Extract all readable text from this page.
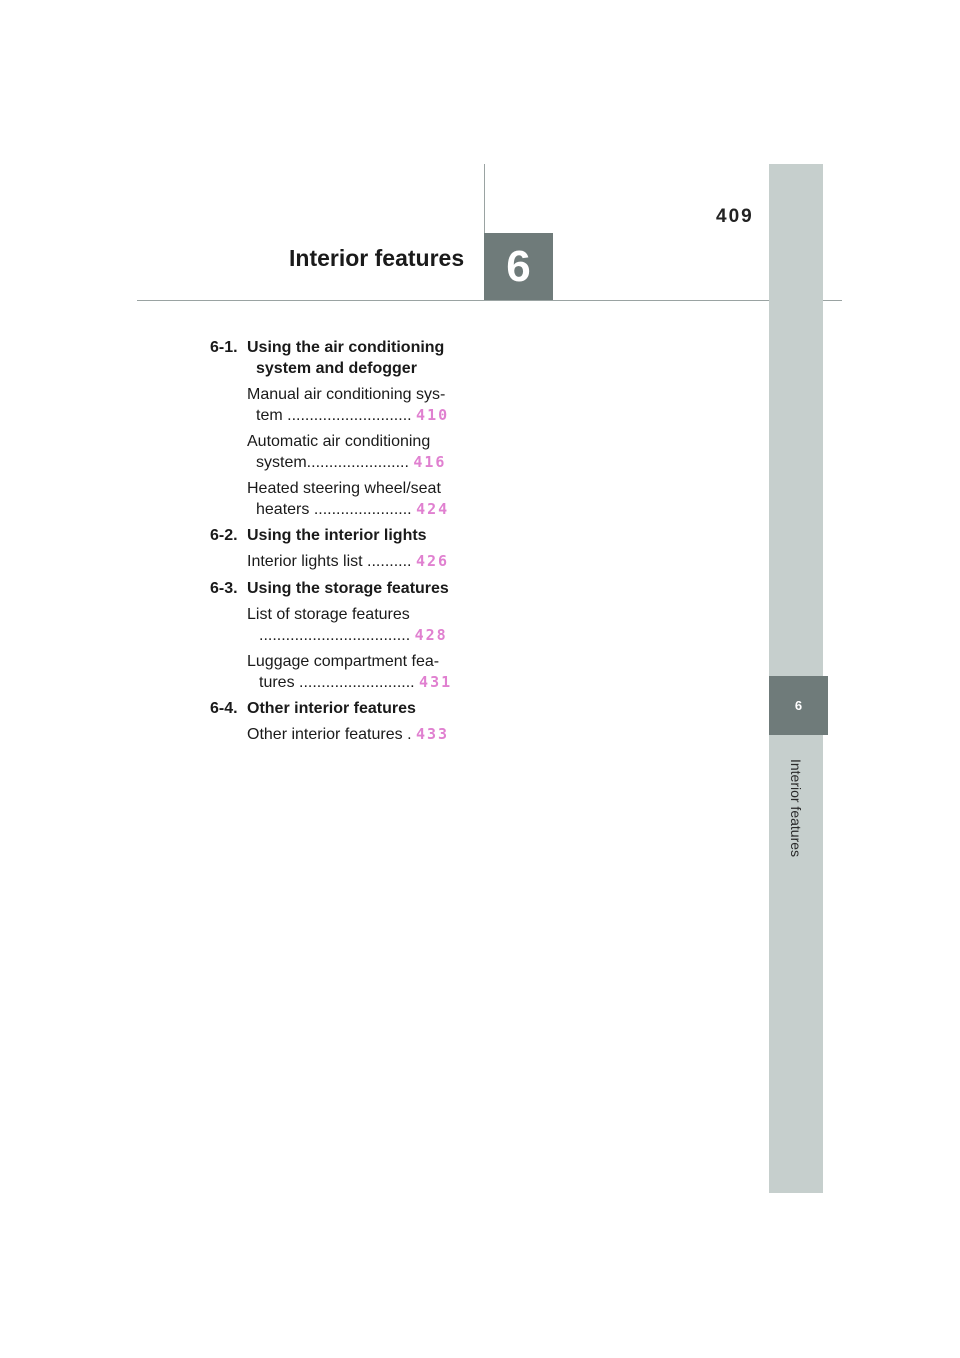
409
Interior features 6
6
Interior features
6-1. Using the air conditioning
system and defogger
Manual air conditioning sys-
tem ............................ 410
Automatic air conditioning
system....................... 416
Heated steering wheel/seat
heaters ...................... 424
6-2. Using the interior lights
Interior lights list .......... 426
6-3. Using the storage features
List of storage features
.................................. 428
Luggage compartment fea-
tures .......................... 431
6-4. Other interior features
Other interior features . 433
